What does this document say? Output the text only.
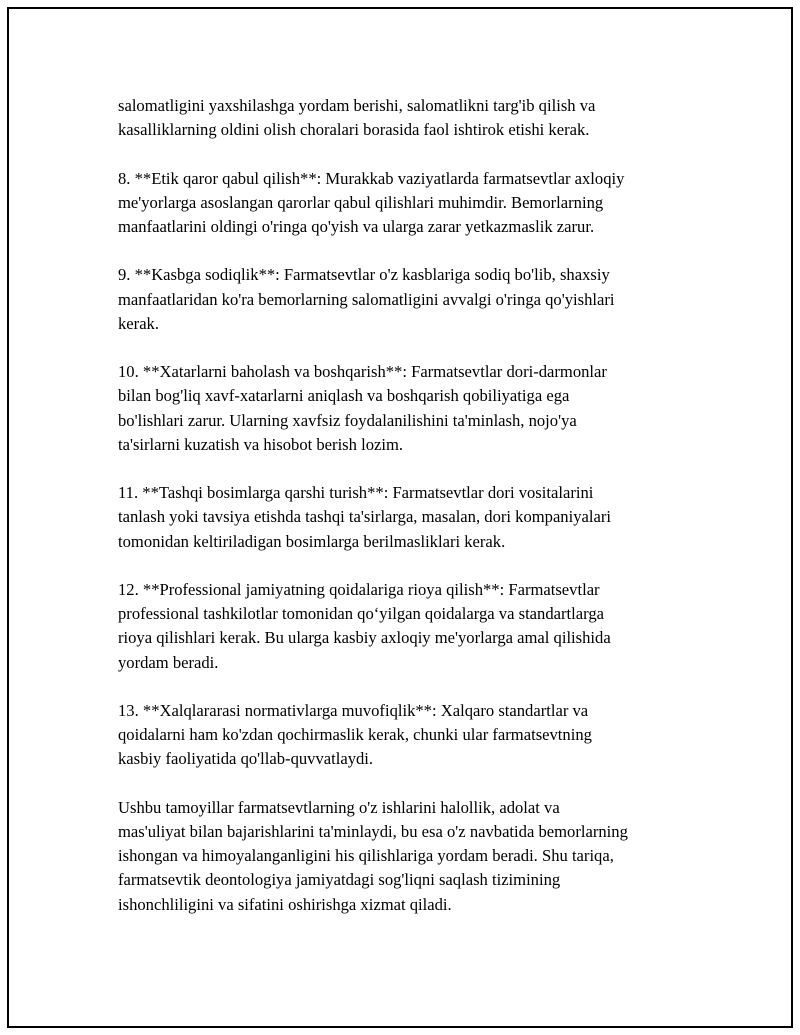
salomatligini yaxshilashga yordam berishi, salomatlikni targ'ib qilish va
kasalliklarning oldini olish choralari borasida faol ishtirok etishi kerak.

8. **Etik qaror qabul qilish**: Murakkab vaziyatlarda farmatsevtlar axloqiy
me'yorlarga asoslangan qarorlar qabul qilishlari muhimdir. Bemorlarning
manfaatlarini oldingi o'ringa qo'yish va ularga zarar yetkazmaslik zarur.

9. **Kasbga sodiqlik**: Farmatsevtlar o'z kasblariga sodiq bo'lib, shaxsiy
manfaatlaridan ko'ra bemorlarning salomatligini avvalgi o'ringa qo'yishlari
kerak.

10. **Xatarlarni baholash va boshqarish**: Farmatsevtlar dori-darmonlar
bilan bog'liq xavf-xatarlarni aniqlash va boshqarish qobiliyatiga ega
bo'lishlari zarur. Ularning xavfsiz foydalanilishini ta'minlash, nojo'ya
ta'sirlarni kuzatish va hisobot berish lozim.

11. **Tashqi bosimlarga qarshi turish**: Farmatsevtlar dori vositalarini
tanlash yoki tavsiya etishda tashqi ta'sirlarga, masalan, dori kompaniyalari
tomonidan keltiriladigan bosimlarga berilmasliklari kerak.

12. **Professional jamiyatning qoidalariga rioya qilish**: Farmatsevtlar
professional tashkilotlar tomonidan qo‘yilgan qoidalarga va standartlarga
rioya qilishlari kerak. Bu ularga kasbiy axloqiy me'yorlarga amal qilishida
yordam beradi.

13. **Xalqlararasi normativlarga muvofiqlik**: Xalqaro standartlar va
qoidalarni ham ko'zdan qochirmaslik kerak, chunki ular farmatsevtning
kasbiy faoliyatida qo'llab-quvvatlaydi.

Ushbu tamoyillar farmatsevtlarning o'z ishlarini halollik, adolat va
mas'uliyat bilan bajarishlarini ta'minlaydi, bu esa o'z navbatida bemorlarning
ishongan va himoyalanganligini his qilishlariga yordam beradi. Shu tariqa,
farmatsevtik deontologiya jamiyatdagi sog'liqni saqlash tizimining
ishonchliligini va sifatini oshirishga xizmat qiladi.
